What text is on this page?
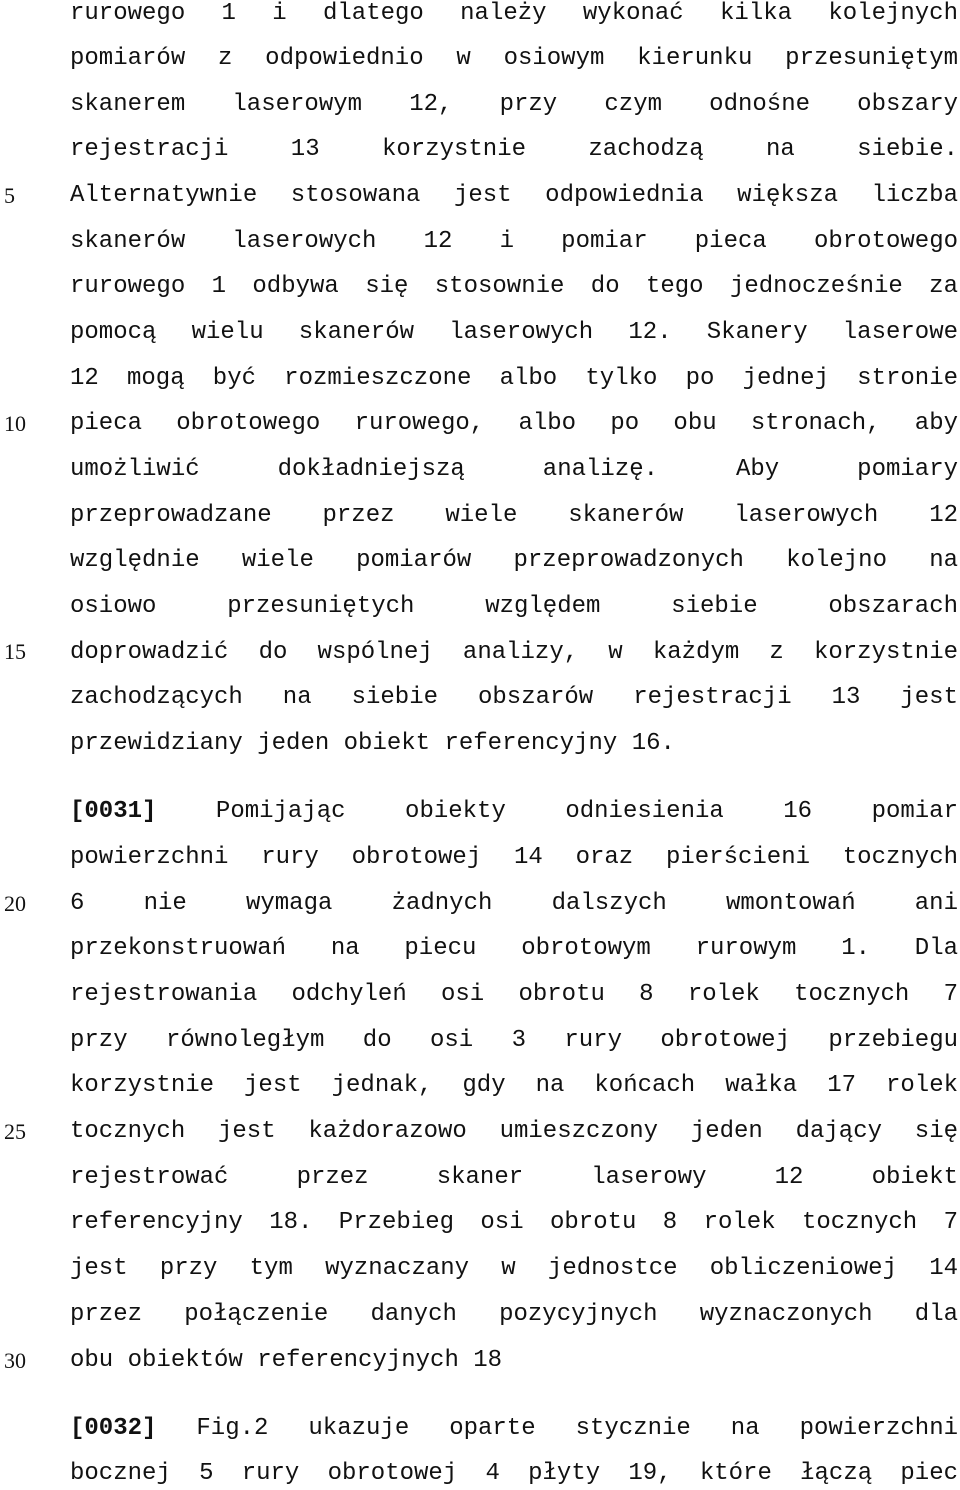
5
10
15
20
25
30
rurowego 1 i dlatego należy wykonać kilka kolejnych
pomiarów z odpowiednio w osiowym kierunku przesuniętym
skanerem laserowym 12, przy czym odnośne obszary
rejestracji 13 korzystnie zachodzą na siebie.
Alternatywnie stosowana jest odpowiednia większa liczba
skanerów laserowych 12 i pomiar pieca obrotowego
rurowego 1 odbywa się stosownie do tego jednocześnie za
pomocą wielu skanerów laserowych 12. Skanery laserowe
12 mogą być rozmieszczone albo tylko po jednej stronie
pieca obrotowego rurowego, albo po obu stronach, aby
umożliwić dokładniejszą analizę. Aby pomiary
przeprowadzane przez wiele skanerów laserowych 12
względnie wiele pomiarów przeprowadzonych kolejno na
osiowo przesuniętych względem siebie obszarach
doprowadzić do wspólnej analizy, w każdym z korzystnie
zachodzących na siebie obszarów rejestracji 13 jest
przewidziany jeden obiekt referencyjny 16.
[0031] Pomijając obiekty odniesienia 16 pomiar
powierzchni rury obrotowej 14 oraz pierścieni tocznych
6 nie wymaga żadnych dalszych wmontowań ani
przekonstruowań na piecu obrotowym rurowym 1. Dla
rejestrowania odchyleń osi obrotu 8 rolek tocznych 7
przy równoległym do osi 3 rury obrotowej przebiegu
korzystnie jest jednak, gdy na końcach wałka 17 rolek
tocznych jest każdorazowo umieszczony jeden dający się
rejestrować przez skaner laserowy 12 obiekt
referencyjny 18. Przebieg osi obrotu 8 rolek tocznych 7
jest przy tym wyznaczany w jednostce obliczeniowej 14
przez połączenie danych pozycyjnych wyznaczonych dla
obu obiektów referencyjnych 18
[0032] Fig.2 ukazuje oparte stycznie na powierzchni
bocznej 5 rury obrotowej 4 płyty 19, które łączą piec
